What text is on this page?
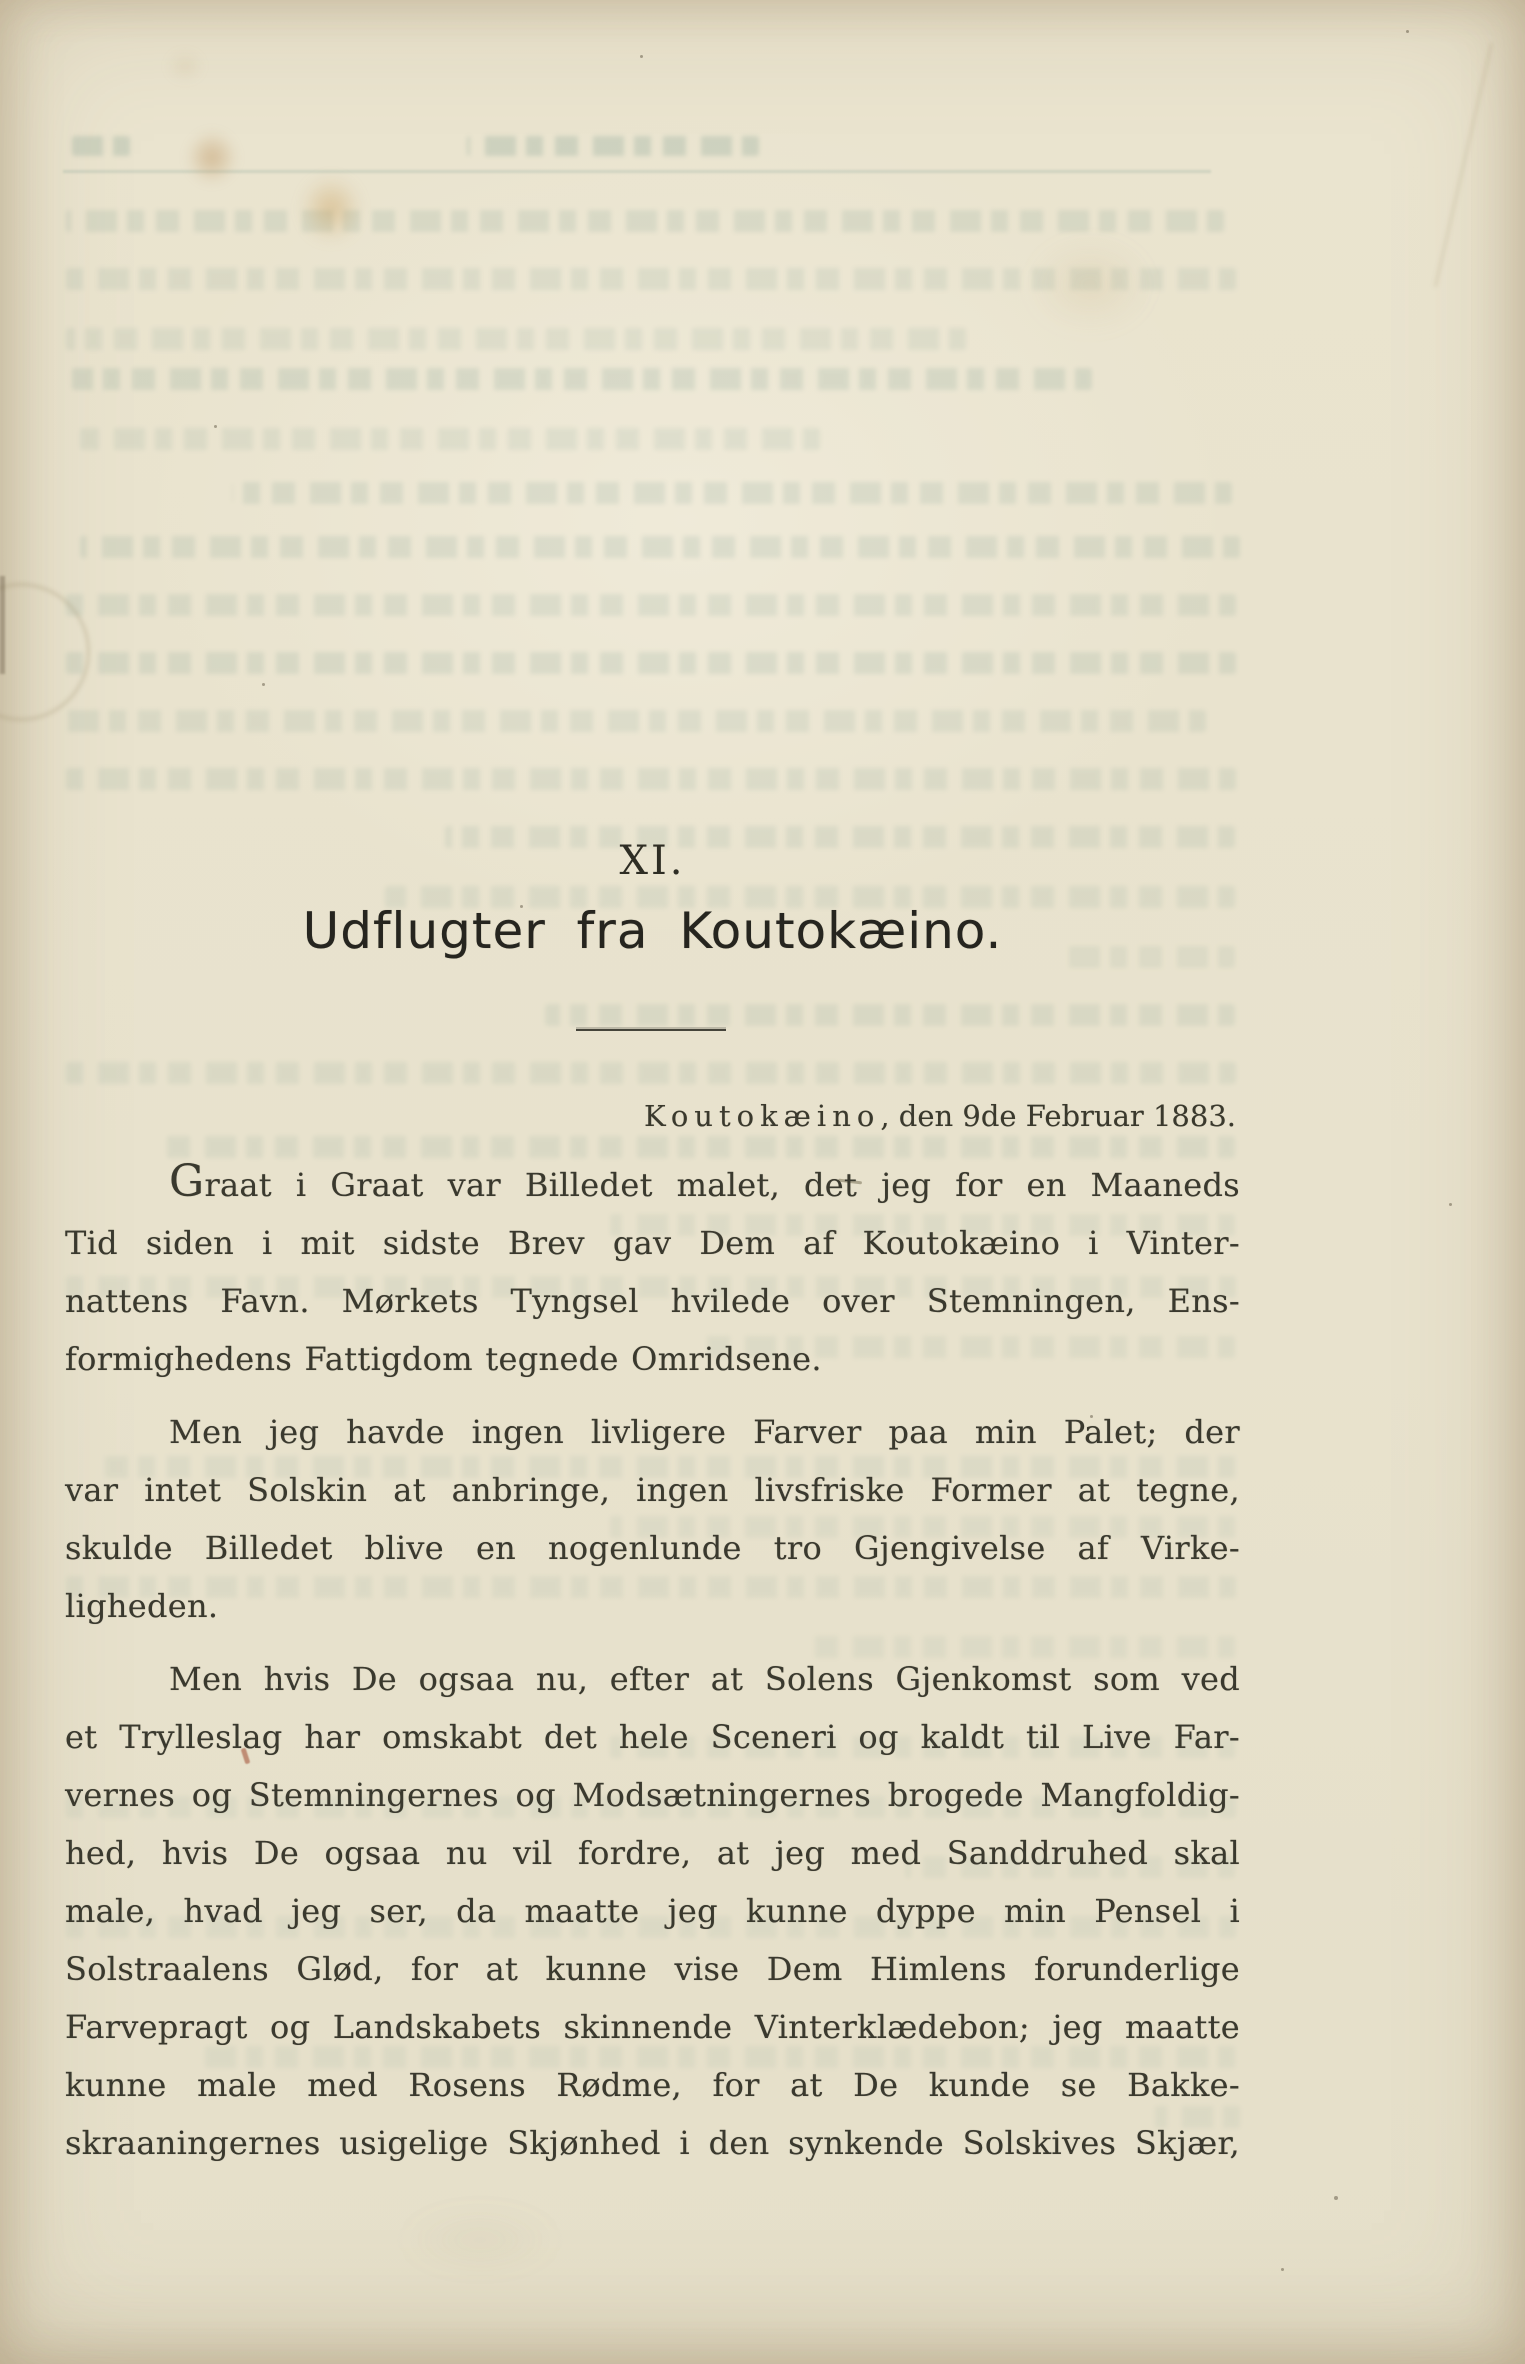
XI.
Udflugter fra Koutokæino.
Koutokæino, den 9de Februar 1883.
Graat i Graat var Billedet malet, det jeg for en Maaneds
Tid siden i mit sidste Brev gav Dem af Koutokæino i Vinter-
nattens Favn. Mørkets Tyngsel hvilede over Stemningen, Ens-
formighedens Fattigdom tegnede Omridsene.
Men jeg havde ingen livligere Farver paa min Palet; der
var intet Solskin at anbringe, ingen livsfriske Former at tegne,
skulde Billedet blive en nogenlunde tro Gjengivelse af Virke-
ligheden.
Men hvis De ogsaa nu, efter at Solens Gjenkomst som ved
et Trylleslag har omskabt det hele Sceneri og kaldt til Live Far-
vernes og Stemningernes og Modsætningernes brogede Mangfoldig-
hed, hvis De ogsaa nu vil fordre, at jeg med Sanddruhed skal
male, hvad jeg ser, da maatte jeg kunne dyppe min Pensel i
Solstraalens Glød, for at kunne vise Dem Himlens forunderlige
Farvepragt og Landskabets skinnende Vinterklædebon; jeg maatte
kunne male med Rosens Rødme, for at De kunde se Bakke-
skraaningernes usigelige Skjønhed i den synkende Solskives Skjær,
